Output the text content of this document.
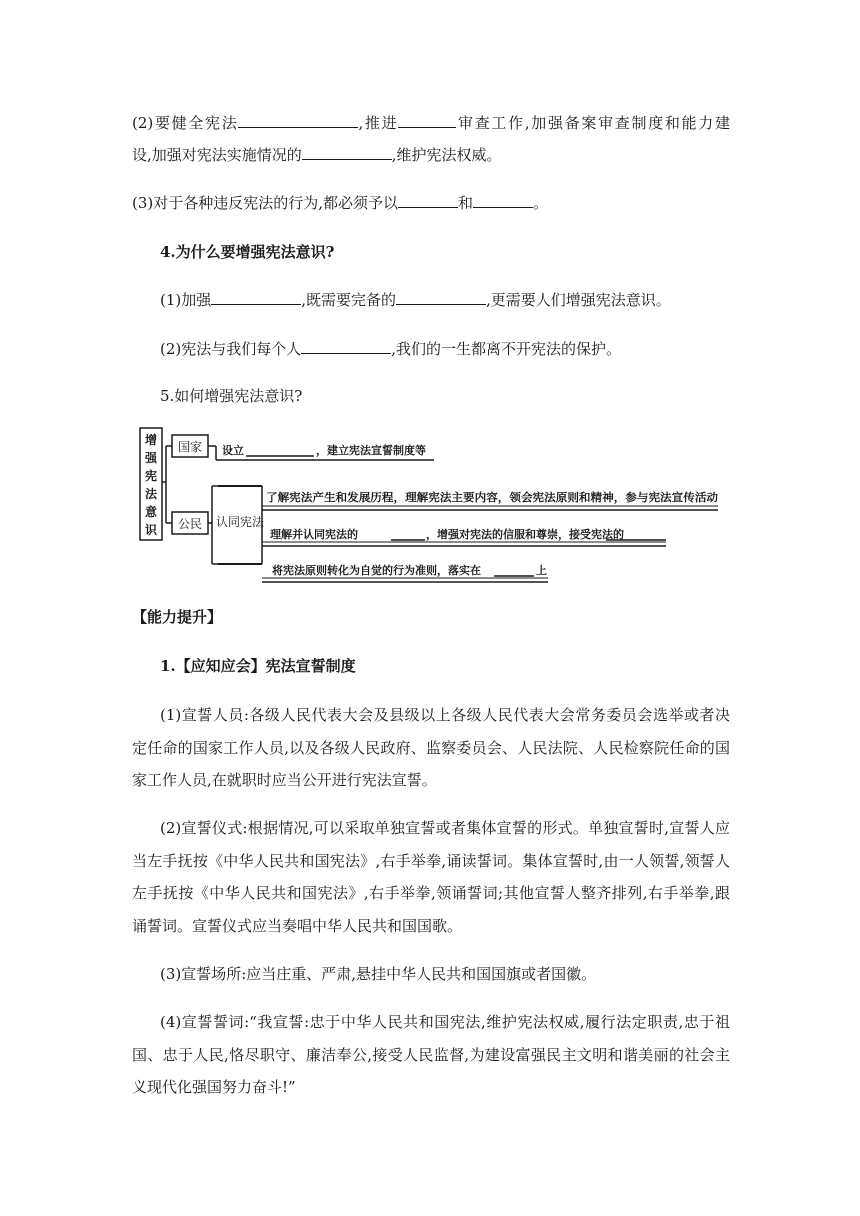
(2)要健全宪法	,推进	审查工作,加强备案审查制度和能力建
设,加强对宪法实施情况的	,维护宪法权威。
(3)对于各种违反宪法的行为,都必须予以	和	。
4.为什么要增强宪法意识?
(1)加强	,既需要完备的	,更需要人们增强宪法意识。
(2)宪法与我们每个人	,我们的一生都离不开宪法的保护。
5.如何增强宪法意识?
增
强
宪
法
意
识
国家
公民 认同宪法
设立	，建立宪法宣誓制度等
了解宪法产生和发展历程，理解宪法主要内容，领会宪法原则和精神，参与宪法宣传活动
理解并认同宪法的	，增强对宪法的信服和尊崇，接受宪法的
将宪法原则转化为自觉的行为准则，落实在	上
【能力提升】
1.【应知应会】宪法宣誓制度
(1)宣誓人员:各级人民代表大会及县级以上各级人民代表大会常务委员会选举或者决
定任命的国家工作人员,以及各级人民政府、监察委员会、人民法院、人民检察院任命的国
家工作人员,在就职时应当公开进行宪法宣誓。
(2)宣誓仪式:根据情况,可以采取单独宣誓或者集体宣誓的形式。单独宣誓时,宣誓人应
当左手抚按《中华人民共和国宪法》,右手举拳,诵读誓词。集体宣誓时,由一人领誓,领誓人
左手抚按《中华人民共和国宪法》,右手举拳,领诵誓词;其他宣誓人整齐排列,右手举拳,跟
诵誓词。宣誓仪式应当奏唱中华人民共和国国歌。
(3)宣誓场所:应当庄重、严肃,悬挂中华人民共和国国旗或者国徽。
(4)宣誓誓词:“我宣誓:忠于中华人民共和国宪法,维护宪法权威,履行法定职责,忠于祖
国、忠于人民,恪尽职守、廉洁奉公,接受人民监督,为建设富强民主文明和谐美丽的社会主
义现代化强国努力奋斗!”
